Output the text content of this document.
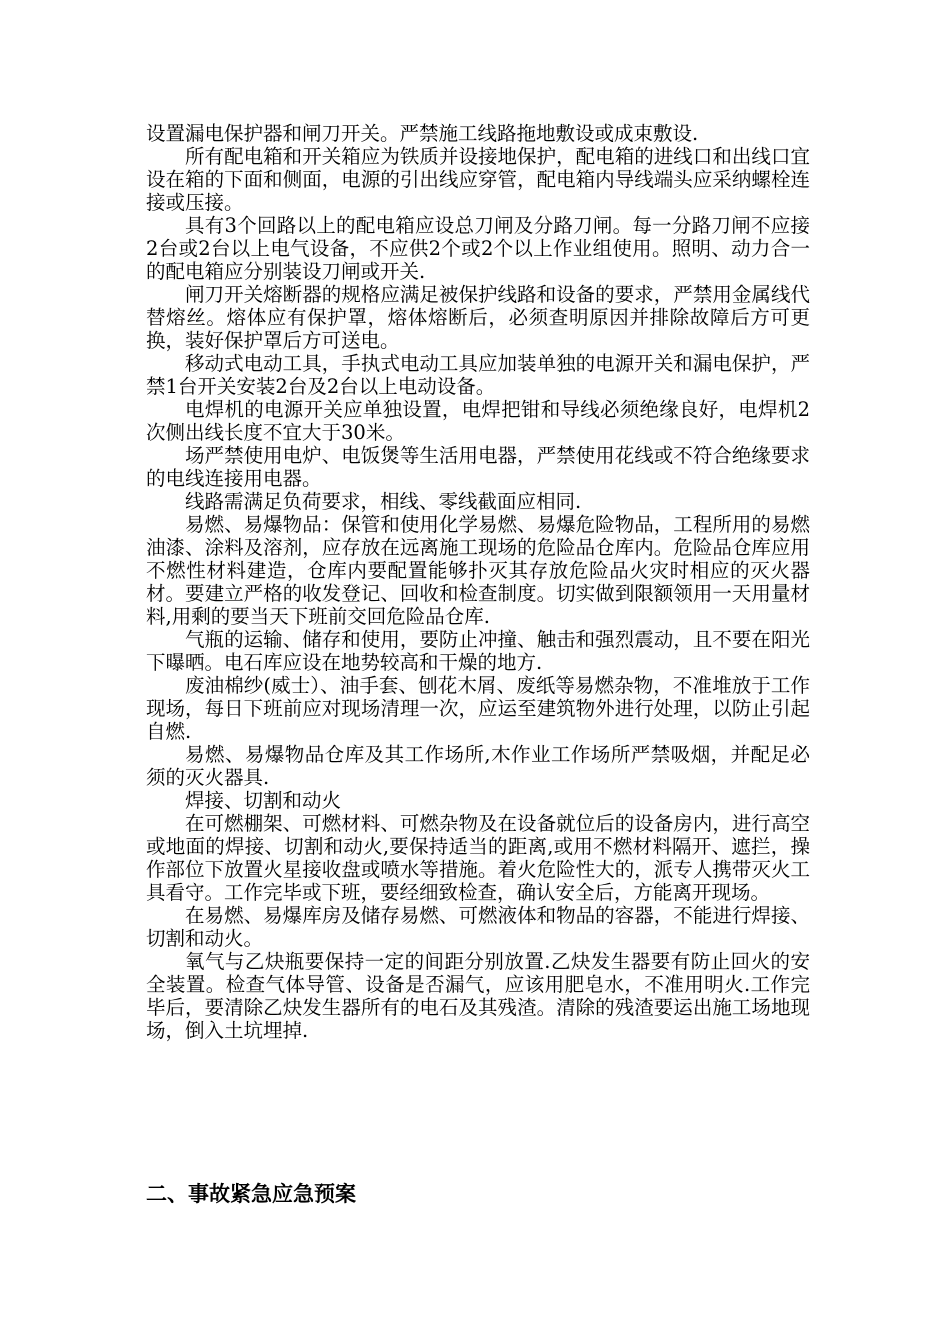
设置漏电保护器和闸刀开关。严禁施工线路拖地敷设或成束敷设.

所有配电箱和开关箱应为铁质并设接地保护，配电箱的进线口和出线口宜设在箱的下面和侧面，电源的引出线应穿管，配电箱内导线端头应采纳螺栓连接或压接。

具有3个回路以上的配电箱应设总刀闸及分路刀闸。每一分路刀闸不应接2台或2台以上电气设备，不应供2个或2个以上作业组使用。照明、动力合一的配电箱应分别装设刀闸或开关.

闸刀开关熔断器的规格应满足被保护线路和设备的要求，严禁用金属线代替熔丝。熔体应有保护罩，熔体熔断后，必须查明原因并排除故障后方可更换，装好保护罩后方可送电。

移动式电动工具，手执式电动工具应加装单独的电源开关和漏电保护，严禁1台开关安装2台及2台以上电动设备。

电焊机的电源开关应单独设置，电焊把钳和导线必须绝缘良好，电焊机2次侧出线长度不宜大于30米。

场严禁使用电炉、电饭煲等生活用电器，严禁使用花线或不符合绝缘要求的电线连接用电器。

线路需满足负荷要求，相线、零线截面应相同.

易燃、易爆物品：保管和使用化学易燃、易爆危险物品，工程所用的易燃油漆、涂料及溶剂，应存放在远离施工现场的危险品仓库内。危险品仓库应用不燃性材料建造，仓库内要配置能够扑灭其存放危险品火灾时相应的灭火器材。要建立严格的收发登记、回收和检查制度。切实做到限额领用一天用量材料,用剩的要当天下班前交回危险品仓库.

气瓶的运输、储存和使用，要防止冲撞、触击和强烈震动，且不要在阳光下曝晒。电石库应设在地势较高和干燥的地方.

废油棉纱(威士）、油手套、刨花木屑、废纸等易燃杂物，不准堆放于工作现场，每日下班前应对现场清理一次，应运至建筑物外进行处理，以防止引起自燃.

易燃、易爆物品仓库及其工作场所,木作业工作场所严禁吸烟，并配足必须的灭火器具.

焊接、切割和动火

在可燃棚架、可燃材料、可燃杂物及在设备就位后的设备房内，进行高空或地面的焊接、切割和动火,要保持适当的距离,或用不燃材料隔开、遮拦，操作部位下放置火星接收盘或喷水等措施。着火危险性大的，派专人携带灭火工具看守。工作完毕或下班，要经细致检查，确认安全后，方能离开现场。

在易燃、易爆库房及储存易燃、可燃液体和物品的容器，不能进行焊接、切割和动火。

氧气与乙炔瓶要保持一定的间距分别放置.乙炔发生器要有防止回火的安全装置。检查气体导管、设备是否漏气，应该用肥皂水，不准用明火.工作完毕后，要清除乙炔发生器所有的电石及其残渣。清除的残渣要运出施工场地现场，倒入土坑埋掉.

二、事故紧急应急预案
